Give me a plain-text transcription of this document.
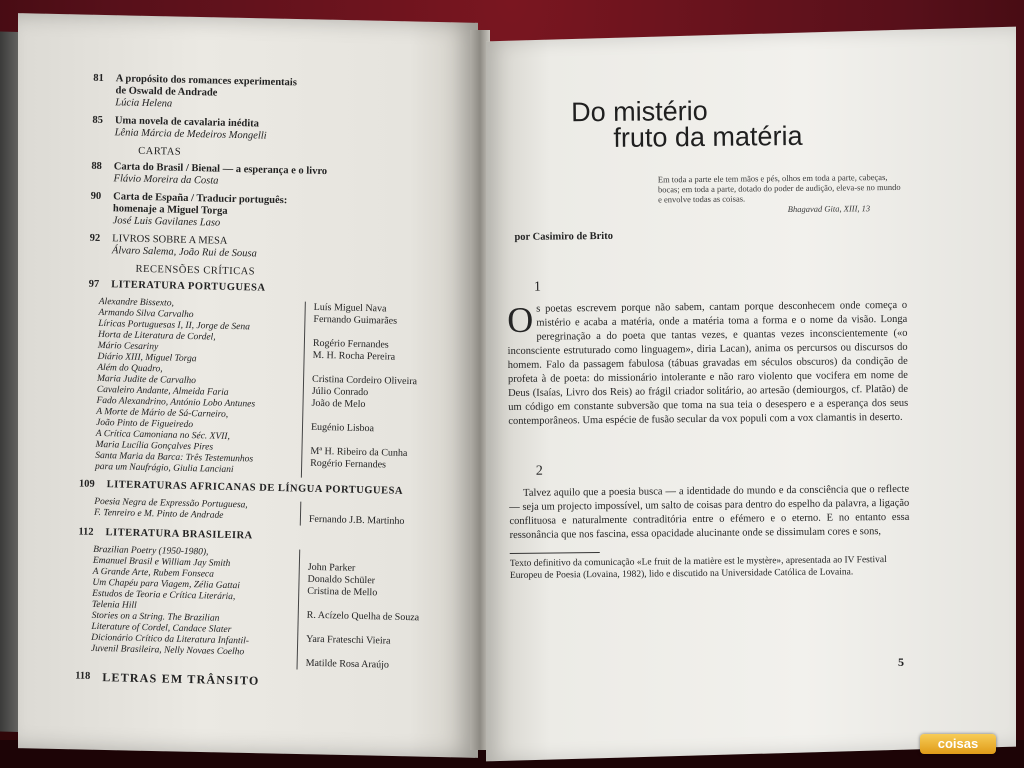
81 A propósito dos romances experimentais
de Oswald de Andrade
Lúcia Helena
85 Uma novela de cavalaria inédita
Lênia Márcia de Medeiros Mongelli
CARTAS
88 Carta do Brasil / Bienal — a esperança e o livro
Flávio Moreira da Costa
90 Carta de España / Traducir português:
homenaje a Miguel Torga
José Luis Gavilanes Laso
92 LIVROS SOBRE A MESA
Álvaro Salema, João Rui de Sousa
RECENSÕES CRÍTICAS
97 LITERATURA PORTUGUESA
Alexandre Bissexto,
Armando Silva Carvalho
Líricas Portuguesas I, II, Jorge de Sena
Horta de Literatura de Cordel,
Mário Cesariny
Diário XIII, Miguel Torga
Além do Quadro,
Maria Judite de Carvalho
Cavaleiro Andante, Almeida Faria
Fado Alexandrino, António Lobo Antunes
A Morte de Mário de Sá-Carneiro,
João Pinto de Figueiredo
A Crítica Camoniana no Séc. XVII,
Maria Lucília Gonçalves Pires
Santa Maria da Barca: Três Testemunhos
para um Naufrágio, Giulia Lanciani
Luís Miguel Nava
Fernando Guimarães

Rogério Fernandes
M. H. Rocha Pereira

Cristina Cordeiro Oliveira
Júlio Conrado
João de Melo

Eugénio Lisboa

Mª H. Ribeiro da Cunha
Rogério Fernandes
109 LITERATURAS AFRICANAS DE LÍNGUA PORTUGUESA
Poesia Negra de Expressão Portuguesa,
F. Tenreiro e M. Pinto de Andrade
	Fernando J.B. Martinho
112 LITERATURA BRASILEIRA
Brazilian Poetry (1950-1980),
Emanuel Brasil e William Jay Smith
A Grande Arte, Rubem Fonseca
Um Chapéu para Viagem, Zélia Gattai
Estudos de Teoria e Crítica Literária,
Telenia Hill
Stories on a String. The Brazilian
Literature of Cordel, Candace Slater
Dicionário Crítico da Literatura Infantil-
Juvenil Brasileira, Nelly Novaes Coelho

John Parker
Donaldo Schüler
Cristina de Mello

R. Acízelo Quelha de Souza

Yara Frateschi Vieira

Matilde Rosa Araújo
118 LETRAS EM TRÂNSITO
Do mistério
fruto da matéria
Em toda a parte ele tem mãos e pés, olhos em toda a parte, cabeças, bocas; em toda a parte, dotado do poder de audição, eleva-se no mundo e envolve todas as coisas.
Bhagavad Gita, XIII, 13
por Casimiro de Brito
1
Os poetas escrevem porque não sabem, cantam porque desconhecem onde começa o mistério e acaba a matéria, onde a matéria toma a forma e o nome da visão. Longa peregrinação a do poeta que tantas vezes, e quantas vezes inconscientemente («o inconsciente estruturado como linguagem», diria Lacan), anima os percursos ou discursos do homem. Falo da passagem fabulosa (tábuas gravadas em séculos obscuros) da condição de profeta à de poeta: do missionário intolerante e não raro violento que vocifera em nome de Deus (Isaías, Livro dos Reis) ao frágil criador solitário, ao artesão (demiourgos, cf. Platão) de um código em constante subversão que toma na sua teia o desespero e a esperança dos seus contemporâneos. Uma espécie de fusão secular da vox populi com a vox clamantis in deserto.
2
Talvez aquilo que a poesia busca — a identidade do mundo e da consciência que o reflecte — seja um projecto impossível, um salto de coisas para dentro do espelho da palavra, a ligação conflituosa e naturalmente contraditória entre o efémero e o eterno. E no entanto essa ressonância que nos fascina, essa opacidade alucinante onde se dissimulam cores e sons,
Texto definitivo da comunicação «Le fruit de la matière est le mystère», apresentada ao IV Festival Europeu de Poesia (Lovaina, 1982), lido e discutido na Universidade Católica de Lovaina.
5
coisas
